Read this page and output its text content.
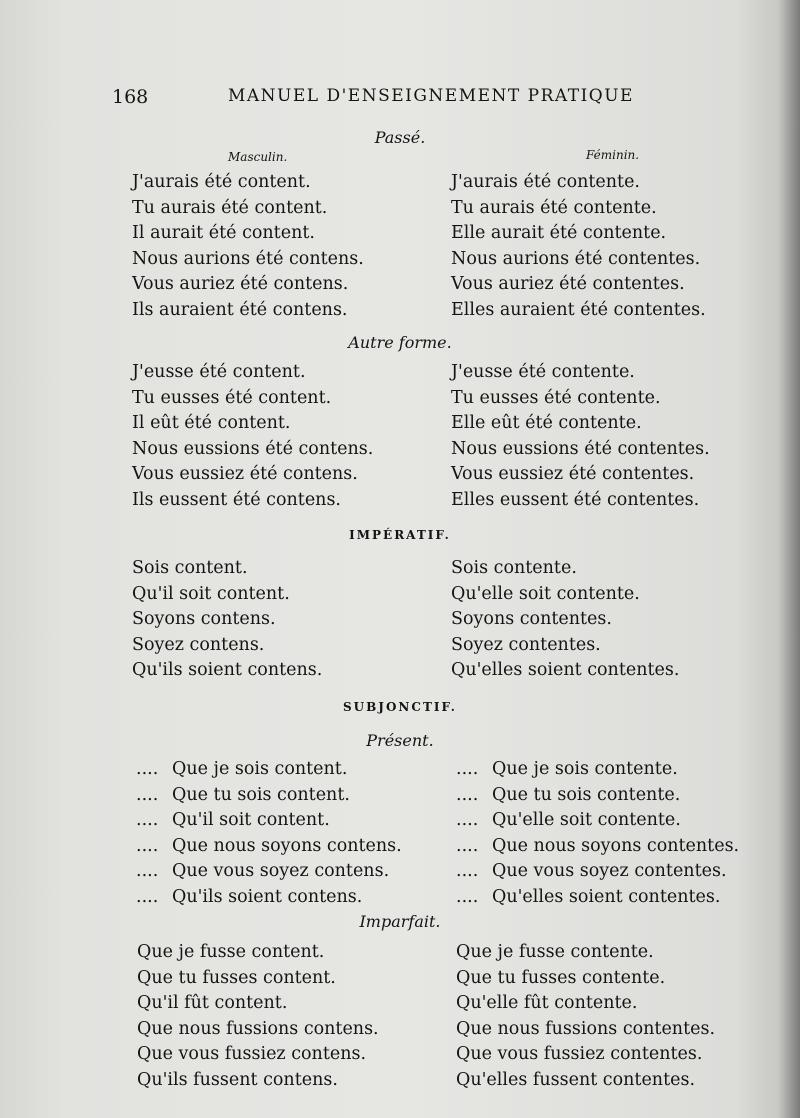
168	MANUEL D'ENSEIGNEMENT PRATIQUE
Passé.
Masculin.	Féminin.
J'aurais été content.
Tu aurais été content.
Il aurait été content.
Nous aurions été contens.
Vous auriez été contens.
Ils auraient été contens.
J'aurais été contente.
Tu aurais été contente.
Elle aurait été contente.
Nous aurions été contentes.
Vous auriez été contentes.
Elles auraient été contentes.
Autre forme.
J'eusse été content.
Tu eusses été content.
Il eût été content.
Nous eussions été contens.
Vous eussiez été contens.
Ils eussent été contens.
J'eusse été contente.
Tu eusses été contente.
Elle eût été contente.
Nous eussions été contentes.
Vous eussiez été contentes.
Elles eussent été contentes.
IMPÉRATIF.
Sois content.
Qu'il soit content.
Soyons contens.
Soyez contens.
Qu'ils soient contens.
Sois contente.
Qu'elle soit contente.
Soyons contentes.
Soyez contentes.
Qu'elles soient contentes.
SUBJONCTIF.
Présent.
.... Que je sois content.
.... Que tu sois content.
.... Qu'il soit content.
.... Que nous soyons contens.
.... Que vous soyez contens.
.... Qu'ils soient contens.
.... Que je sois contente.
.... Que tu sois contente.
.... Qu'elle soit contente.
.... Que nous soyons contentes.
.... Que vous soyez contentes.
.... Qu'elles soient contentes.
Imparfait.
Que je fusse content.
Que tu fusses content.
Qu'il fût content.
Que nous fussions contens.
Que vous fussiez contens.
Qu'ils fussent contens.
Que je fusse contente.
Que tu fusses contente.
Qu'elle fût contente.
Que nous fussions contentes.
Que vous fussiez contentes.
Qu'elles fussent contentes.
